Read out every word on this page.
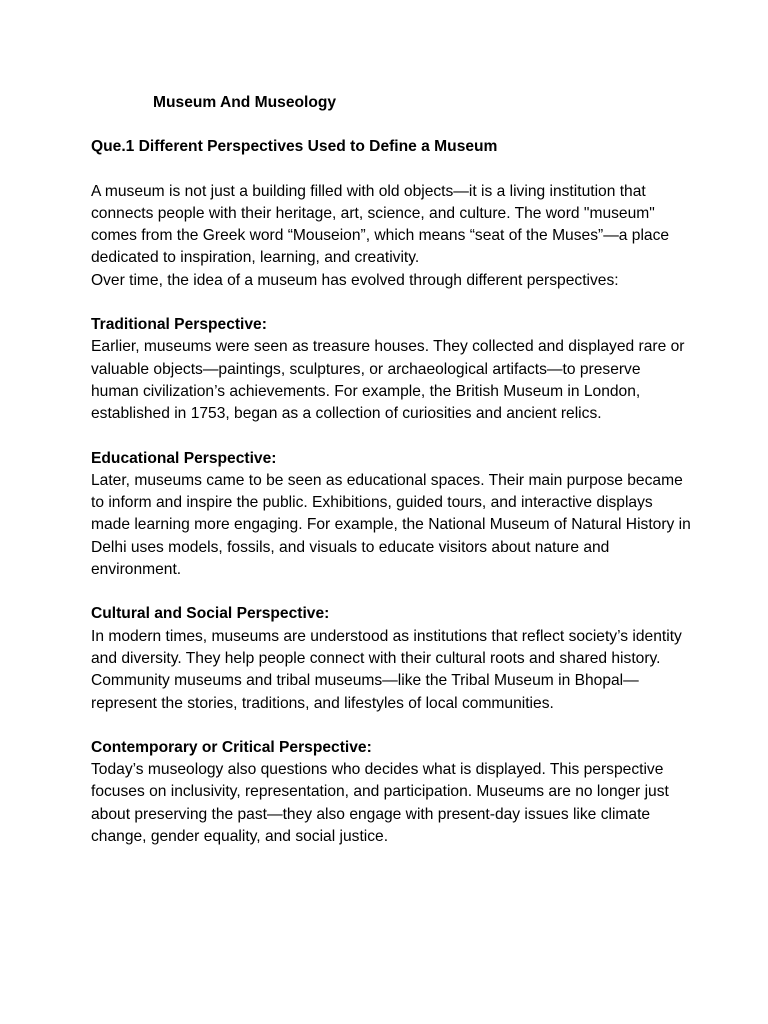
Museum And Museology

Que.1 Different Perspectives Used to Define a Museum

A museum is not just a building filled with old objects—it is a living institution that connects people with their heritage, art, science, and culture. The word "museum" comes from the Greek word “Mouseion”, which means “seat of the Muses”—a place dedicated to inspiration, learning, and creativity.

Over time, the idea of a museum has evolved through different perspectives:

Traditional Perspective:

Earlier, museums were seen as treasure houses. They collected and displayed rare or valuable objects—paintings, sculptures, or archaeological artifacts—to preserve human civilization’s achievements. For example, the British Museum in London, established in 1753, began as a collection of curiosities and ancient relics.

Educational Perspective:

Later, museums came to be seen as educational spaces. Their main purpose became to inform and inspire the public. Exhibitions, guided tours, and interactive displays made learning more engaging. For example, the National Museum of Natural History in Delhi uses models, fossils, and visuals to educate visitors about nature and environment.

Cultural and Social Perspective:

In modern times, museums are understood as institutions that reflect society’s identity and diversity. They help people connect with their cultural roots and shared history. Community museums and tribal museums—like the Tribal Museum in Bhopal—represent the stories, traditions, and lifestyles of local communities.

Contemporary or Critical Perspective:

Today’s museology also questions who decides what is displayed. This perspective focuses on inclusivity, representation, and participation. Museums are no longer just about preserving the past—they also engage with present-day issues like climate change, gender equality, and social justice.
